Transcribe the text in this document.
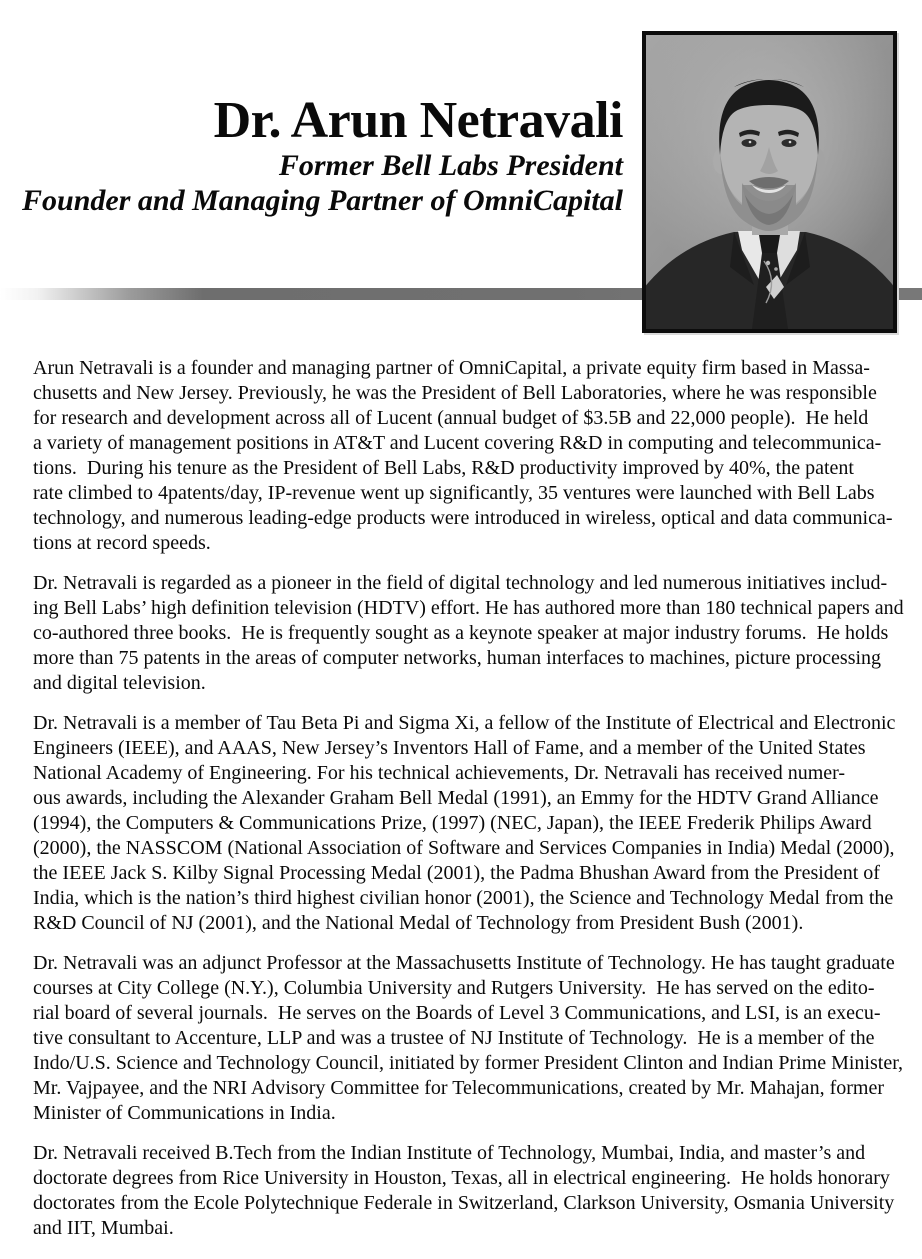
Dr. Arun Netravali
Former Bell Labs President
Founder and Managing Partner of OmniCapital
Arun Netravali is a founder and managing partner of OmniCapital, a private equity firm based in Massa-
chusetts and New Jersey. Previously, he was the President of Bell Laboratories, where he was responsible
for research and development across all of Lucent (annual budget of $3.5B and 22,000 people).  He held
a variety of management positions in AT&T and Lucent covering R&D in computing and telecommunica-
tions.  During his tenure as the President of Bell Labs, R&D productivity improved by 40%, the patent
rate climbed to 4patents/day, IP-revenue went up significantly, 35 ventures were launched with Bell Labs
technology, and numerous leading-edge products were introduced in wireless, optical and data communica-
tions at record speeds.
Dr. Netravali is regarded as a pioneer in the field of digital technology and led numerous initiatives includ-
ing Bell Labs’ high definition television (HDTV) effort. He has authored more than 180 technical papers and
co-authored three books.  He is frequently sought as a keynote speaker at major industry forums.  He holds
more than 75 patents in the areas of computer networks, human interfaces to machines, picture processing
and digital television.
Dr. Netravali is a member of Tau Beta Pi and Sigma Xi, a fellow of the Institute of Electrical and Electronic
Engineers (IEEE), and AAAS, New Jersey’s Inventors Hall of Fame, and a member of the United States
National Academy of Engineering. For his technical achievements, Dr. Netravali has received numer-
ous awards, including the Alexander Graham Bell Medal (1991), an Emmy for the HDTV Grand Alliance
(1994), the Computers & Communications Prize, (1997) (NEC, Japan), the IEEE Frederik Philips Award
(2000), the NASSCOM (National Association of Software and Services Companies in India) Medal (2000),
the IEEE Jack S. Kilby Signal Processing Medal (2001), the Padma Bhushan Award from the President of
India, which is the nation’s third highest civilian honor (2001), the Science and Technology Medal from the
R&D Council of NJ (2001), and the National Medal of Technology from President Bush (2001).
Dr. Netravali was an adjunct Professor at the Massachusetts Institute of Technology. He has taught graduate
courses at City College (N.Y.), Columbia University and Rutgers University.  He has served on the edito-
rial board of several journals.  He serves on the Boards of Level 3 Communications, and LSI, is an execu-
tive consultant to Accenture, LLP and was a trustee of NJ Institute of Technology.  He is a member of the
Indo/U.S. Science and Technology Council, initiated by former President Clinton and Indian Prime Minister,
Mr. Vajpayee, and the NRI Advisory Committee for Telecommunications, created by Mr. Mahajan, former
Minister of Communications in India.
Dr. Netravali received B.Tech from the Indian Institute of Technology, Mumbai, India, and master’s and
doctorate degrees from Rice University in Houston, Texas, all in electrical engineering.  He holds honorary
doctorates from the Ecole Polytechnique Federale in Switzerland, Clarkson University, Osmania University
and IIT, Mumbai.
